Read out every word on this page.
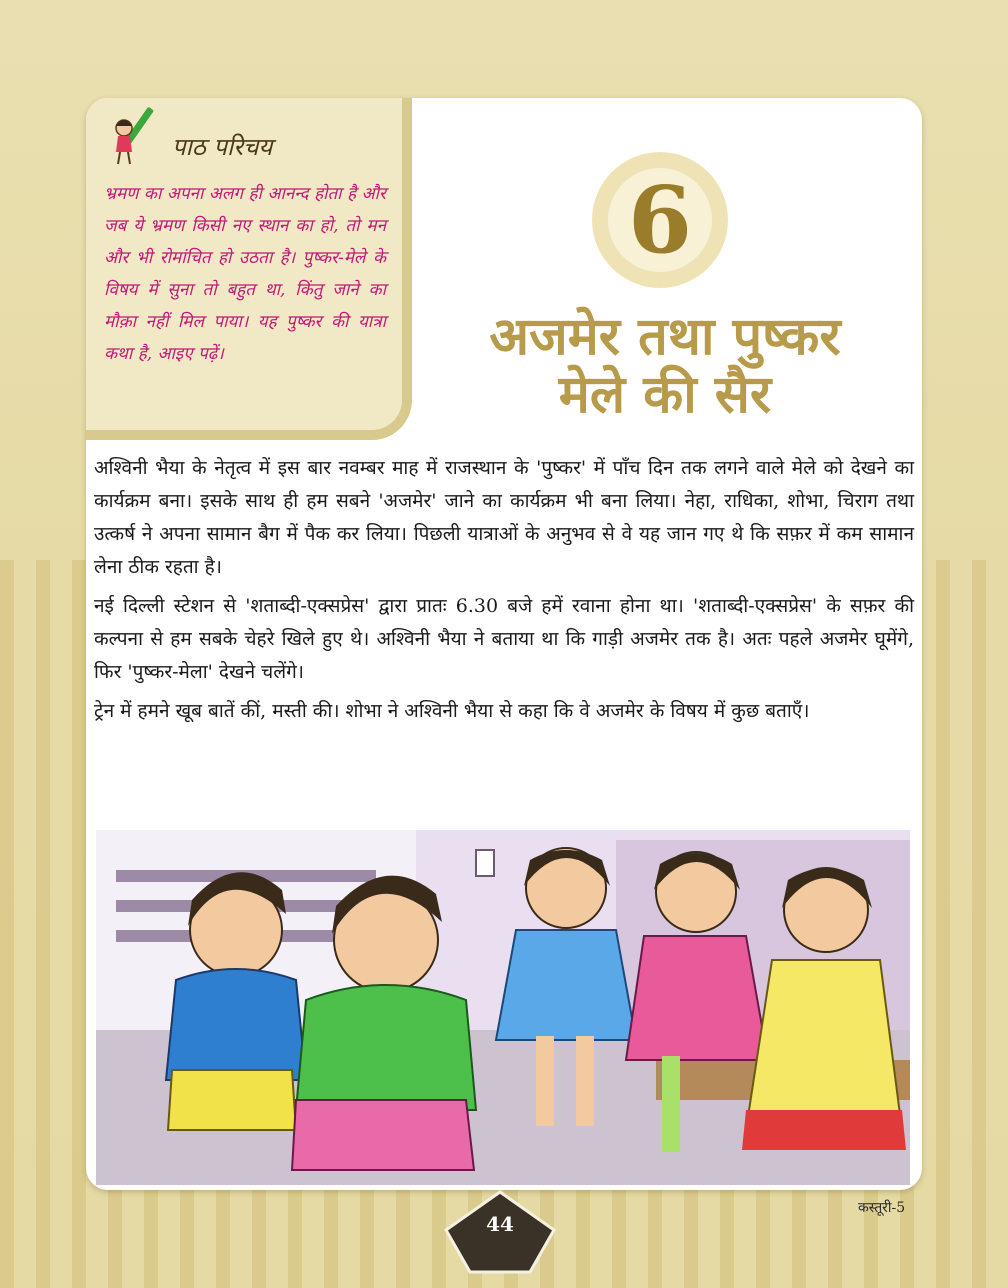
पाठ परिचय

भ्रमण का अपना अलग ही आनन्द होता है और जब ये भ्रमण किसी नए स्थान का हो, तो मन और भी रोमांचित हो उठता है। पुष्कर-मेले के विषय में सुना तो बहुत था, किंतु जाने का मौक़ा नहीं मिल पाया। यह पुष्कर की यात्रा कथा है, आइए पढ़ें।

6
अजमेर तथा पुष्कर
मेले की सैर

अश्विनी भैया के नेतृत्व में इस बार नवम्बर माह में राजस्थान के 'पुष्कर' में पाँच दिन तक लगने वाले मेले को देखने का कार्यक्रम बना। इसके साथ ही हम सबने 'अजमेर' जाने का कार्यक्रम भी बना लिया। नेहा, राधिका, शोभा, चिराग तथा उत्कर्ष ने अपना सामान बैग में पैक कर लिया। पिछली यात्राओं के अनुभव से वे यह जान गए थे कि सफ़र में कम सामान लेना ठीक रहता है।

नई दिल्ली स्टेशन से 'शताब्दी-एक्सप्रेस' द्वारा प्रातः 6.30 बजे हमें रवाना होना था। 'शताब्दी-एक्सप्रेस' के सफ़र की कल्पना से हम सबके चेहरे खिले हुए थे। अश्विनी भैया ने बताया था कि गाड़ी अजमेर तक है। अतः पहले अजमेर घूमेंगे, फिर 'पुष्कर-मेला' देखने चलेंगे।

ट्रेन में हमने खूब बातें कीं, मस्ती की। शोभा ने अश्विनी भैया से कहा कि वे अजमेर के विषय में कुछ बताएँ।

44
कस्तूरी-5
